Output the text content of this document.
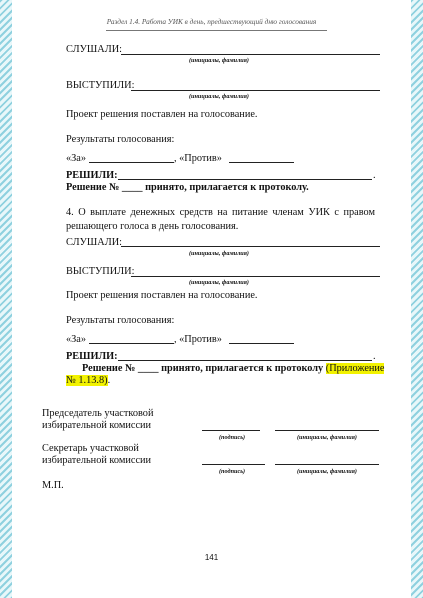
Раздел 1.4. Работа УИК в день, предшествующий дню голосования
СЛУШАЛИ:
(инициалы, фамилия)
ВЫСТУПИЛИ:
(инициалы, фамилия)
Проект решения поставлен на голосование.
Результаты голосования:
«За»	, «Против»
РЕШИЛИ:	.
Решение № ____ принято, прилагается к протоколу.
4. О выплате денежных средств на питание членам УИК с правом решающего голоса в день голосования.
СЛУШАЛИ:
(инициалы, фамилия)
ВЫСТУПИЛИ:
(инициалы, фамилия)
Проект решения поставлен на голосование.
Результаты голосования:
«За»	, «Против»
РЕШИЛИ:	.
Решение № ____ принято, прилагается к протоколу (Приложение
№ 1.13.8).
Председатель участковой
избирательной комиссии
(подпись)	(инициалы, фамилия)
Секретарь участковой
избирательной комиссии
(подпись)	(инициалы, фамилия)
М.П.
141
